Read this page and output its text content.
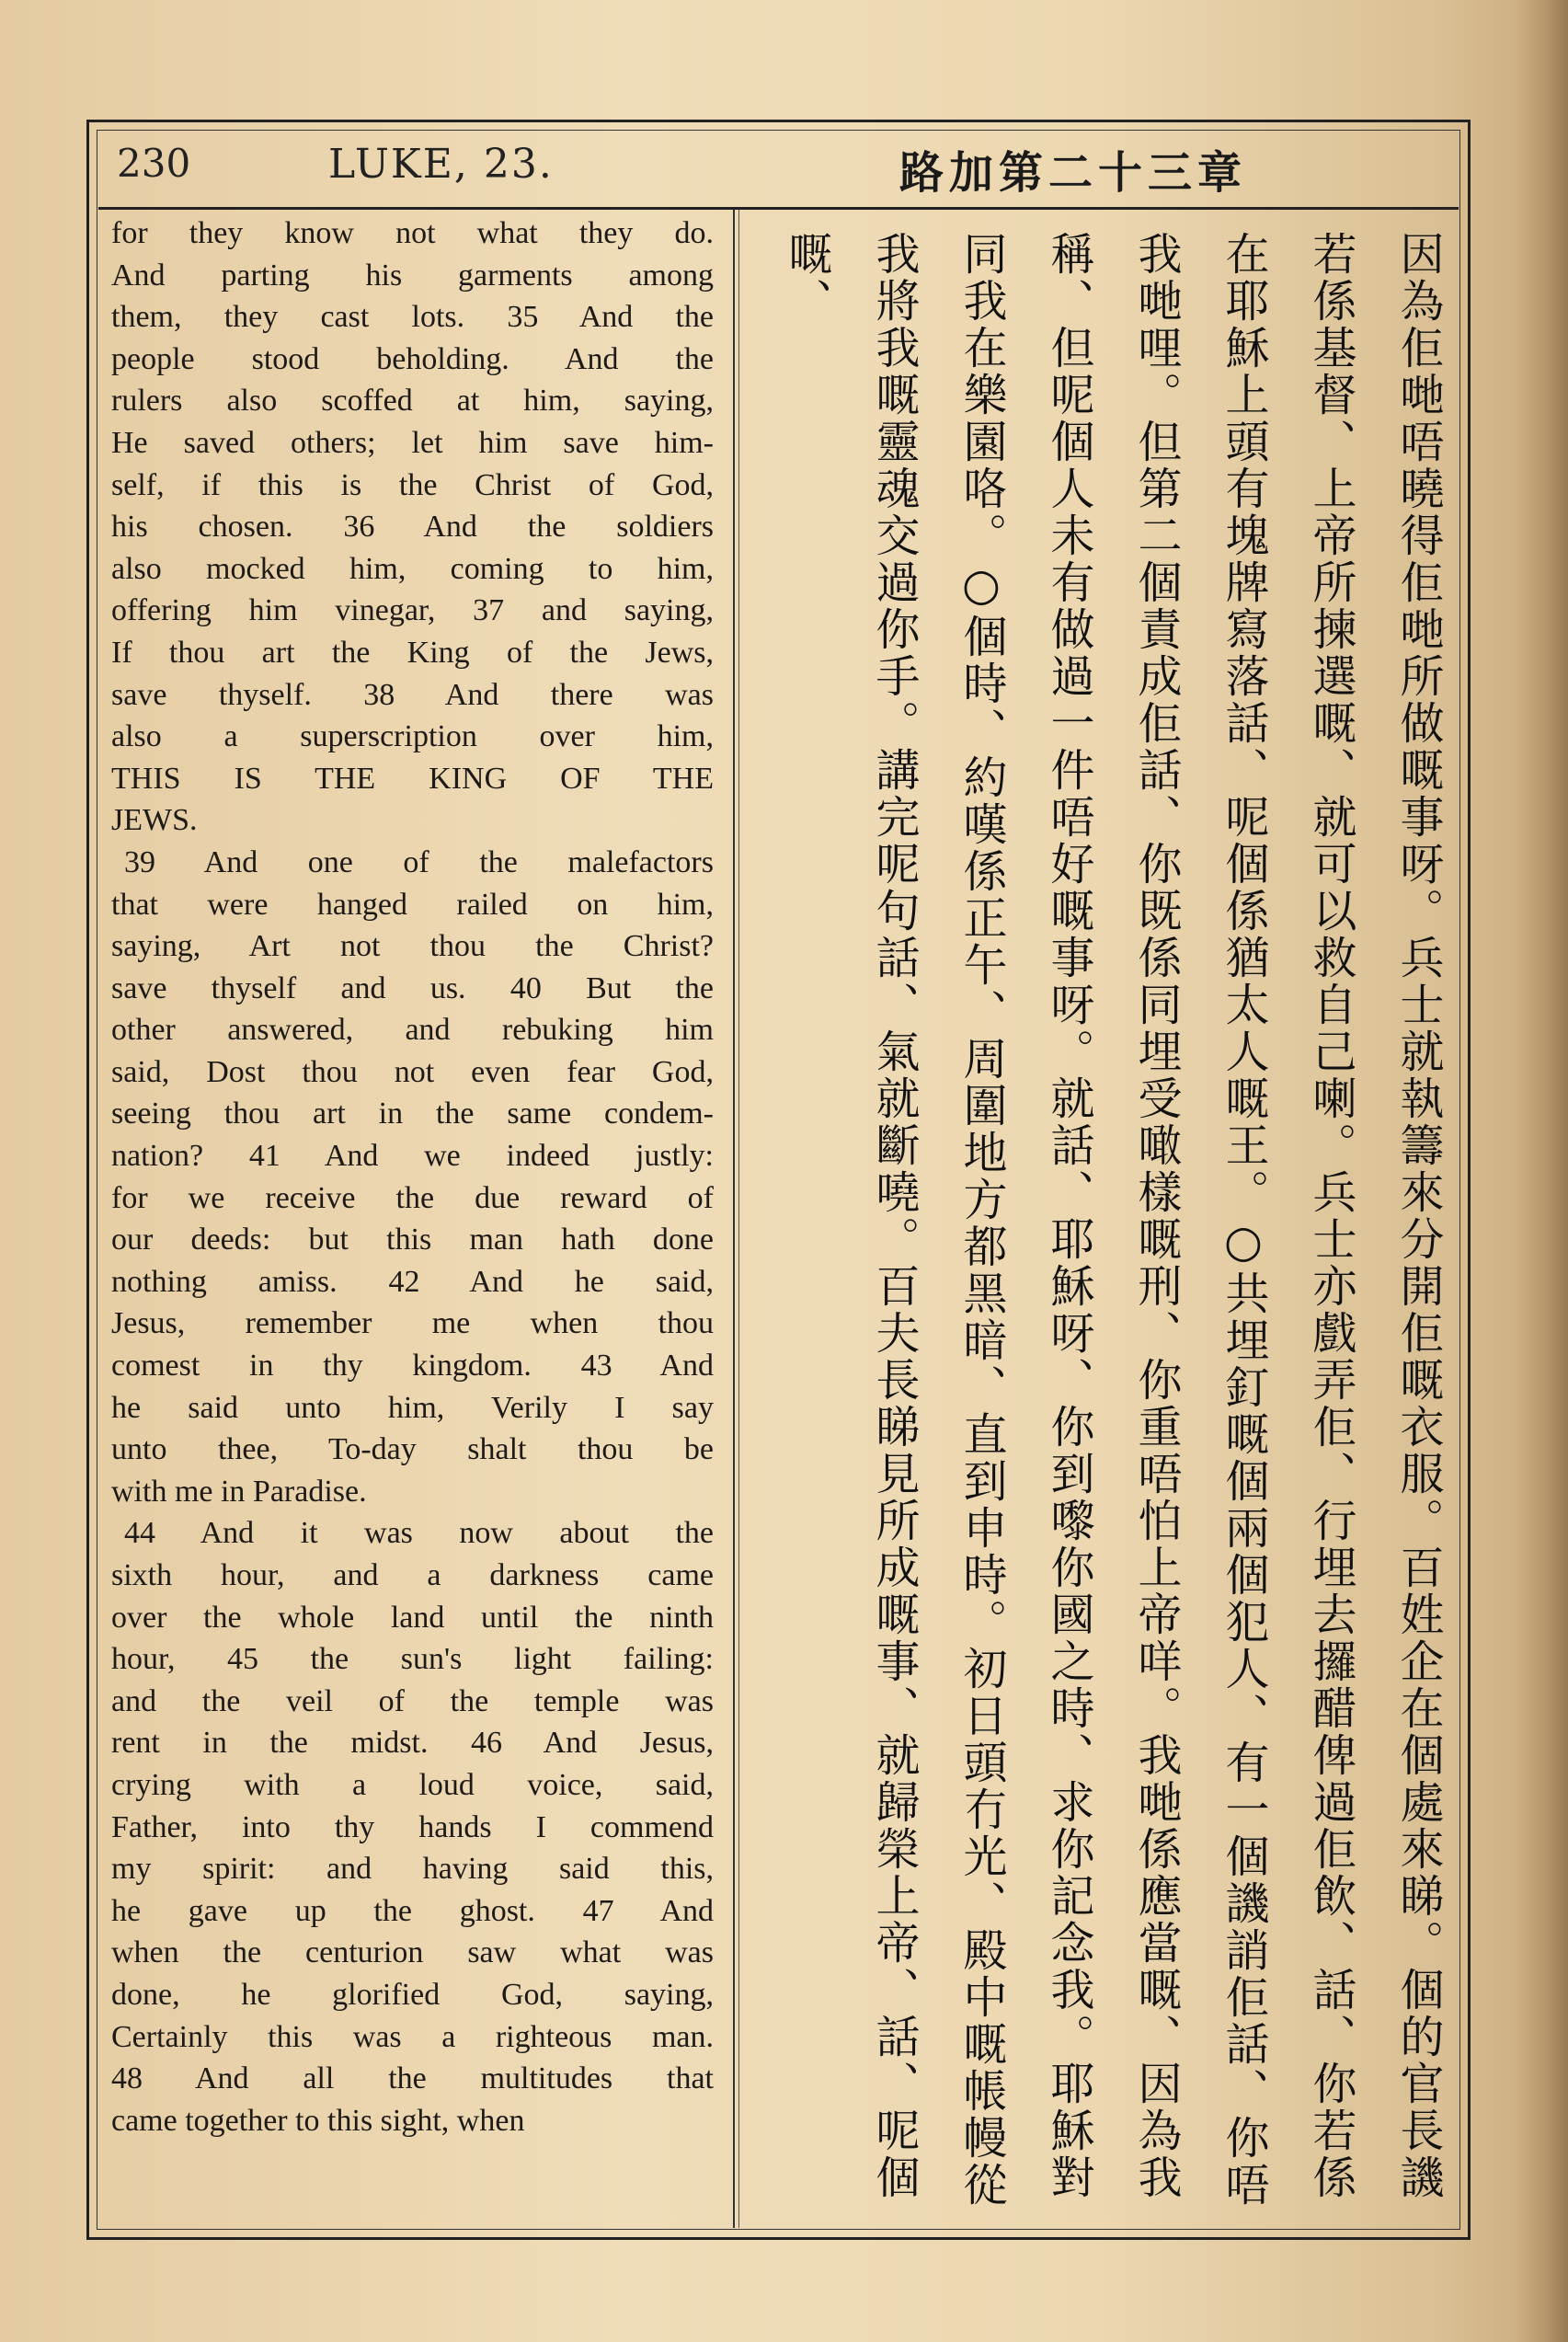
230	LUKE, 23.	路加第二十三章
for they know not what they do.
And parting his garments among
them, they cast lots. 35 And the
people stood beholding. And the
rulers also scoffed at him, saying,
He saved others; let him save him-
self, if this is the Christ of God,
his chosen. 36 And the soldiers
also mocked him, coming to him,
offering him vinegar, 37 and saying,
If thou art the King of the Jews,
save thyself. 38 And there was
also a superscription over him,
THIS IS THE KING OF THE
JEWS.
39 And one of the malefactors
that were hanged railed on him,
saying, Art not thou the Christ?
save thyself and us. 40 But the
other answered, and rebuking him
said, Dost thou not even fear God,
seeing thou art in the same condem-
nation? 41 And we indeed justly:
for we receive the due reward of
our deeds: but this man hath done
nothing amiss. 42 And he said,
Jesus, remember me when thou
comest in thy kingdom. 43 And
he said unto him, Verily I say
unto thee, To-day shalt thou be
with me in Paradise.
44 And it was now about the
sixth hour, and a darkness came
over the whole land until the ninth
hour, 45 the sun's light failing:
and the veil of the temple was
rent in the midst. 46 And Jesus,
crying with a loud voice, said,
Father, into thy hands I commend
my spirit: and having said this,
he gave up the ghost. 47 And
when the centurion saw what was
done, he glorified God, saying,
Certainly this was a righteous man.
48 And all the multitudes that
came together to this sight, when
因為佢哋唔曉得佢哋所做嘅事呀。兵士就執籌來分開佢嘅衣服。百姓企在個處來睇。個的官長譏
若係基督、上帝所揀選嘅、就可以救自己喇。兵士亦戲弄佢、行埋去攞醋俾過佢飲、話、你若係
在耶穌上頭有塊牌寫落話、呢個係猶太人嘅王。○共埋釘嘅個兩個犯人、有一個譏誚佢話、你唔
我哋哩。但第二個責成佢話、你既係同埋受噉樣嘅刑、你重唔怕上帝咩。我哋係應當嘅、因為我
稱、但呢個人未有做過一件唔好嘅事呀。就話、耶穌呀、你到嚟你國之時、求你記念我。耶穌對
同我在樂園咯。○個時、約嘆係正午、周圍地方都黑暗、直到申時。初日頭冇光、殿中嘅帳幔從
我將我嘅靈魂交過你手。講完呢句話、氣就斷嘵。百夫長睇見所成嘅事、就歸榮上帝、話、呢個
嘅、
